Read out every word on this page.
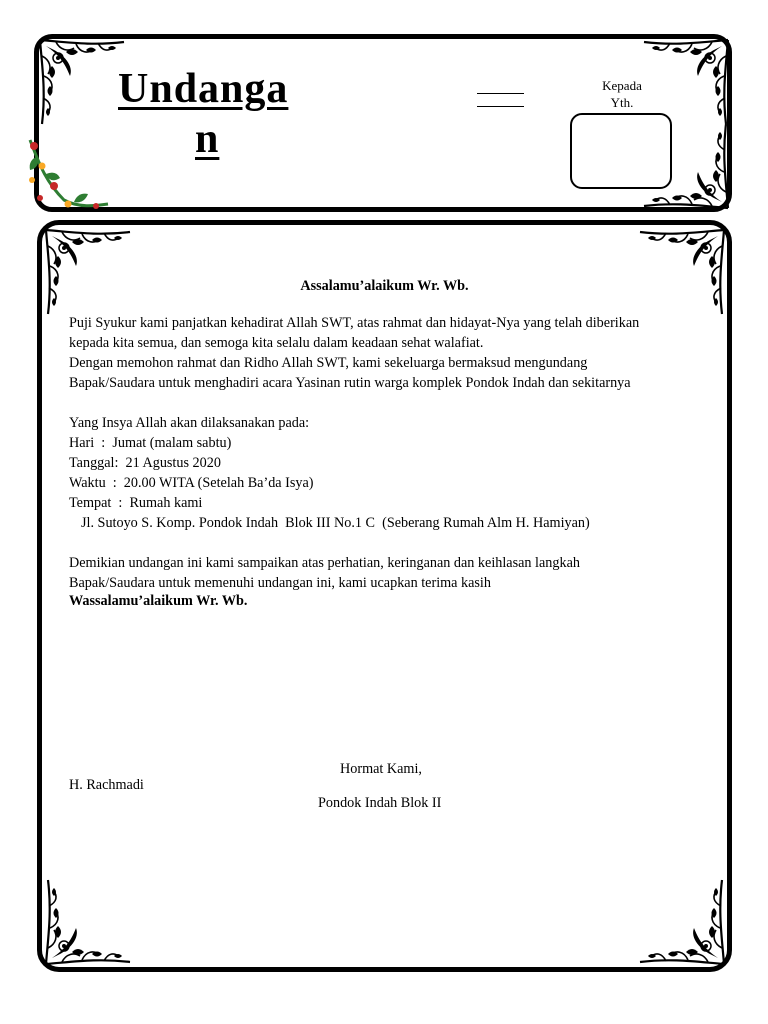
Undanga
n
Kepada
Yth.
Assalamu’alaikum Wr. Wb.
Puji Syukur kami panjatkan kehadirat Allah SWT, atas rahmat dan hidayat-Nya yang telah diberikan
kepada kita semua, dan semoga kita selalu dalam keadaan sehat walafiat.
Dengan memohon rahmat dan Ridho Allah SWT, kami sekeluarga bermaksud mengundang
Bapak/Saudara untuk menghadiri acara Yasinan rutin warga komplek Pondok Indah dan sekitarnya
Yang Insya Allah akan dilaksanakan pada:
Hari  :  Jumat (malam sabtu)
Tanggal:  21 Agustus 2020
Waktu  :  20.00 WITA (Setelah Ba’da Isya)
Tempat  :  Rumah kami
Jl. Sutoyo S. Komp. Pondok Indah  Blok III No.1 C  (Seberang Rumah Alm H. Hamiyan)
Demikian undangan ini kami sampaikan atas perhatian, keringanan dan keihlasan langkah
Bapak/Saudara untuk memenuhi undangan ini, kami ucapkan terima kasih
Wassalamu’alaikum Wr. Wb.
Hormat Kami,
H. Rachmadi
Pondok Indah Blok II
